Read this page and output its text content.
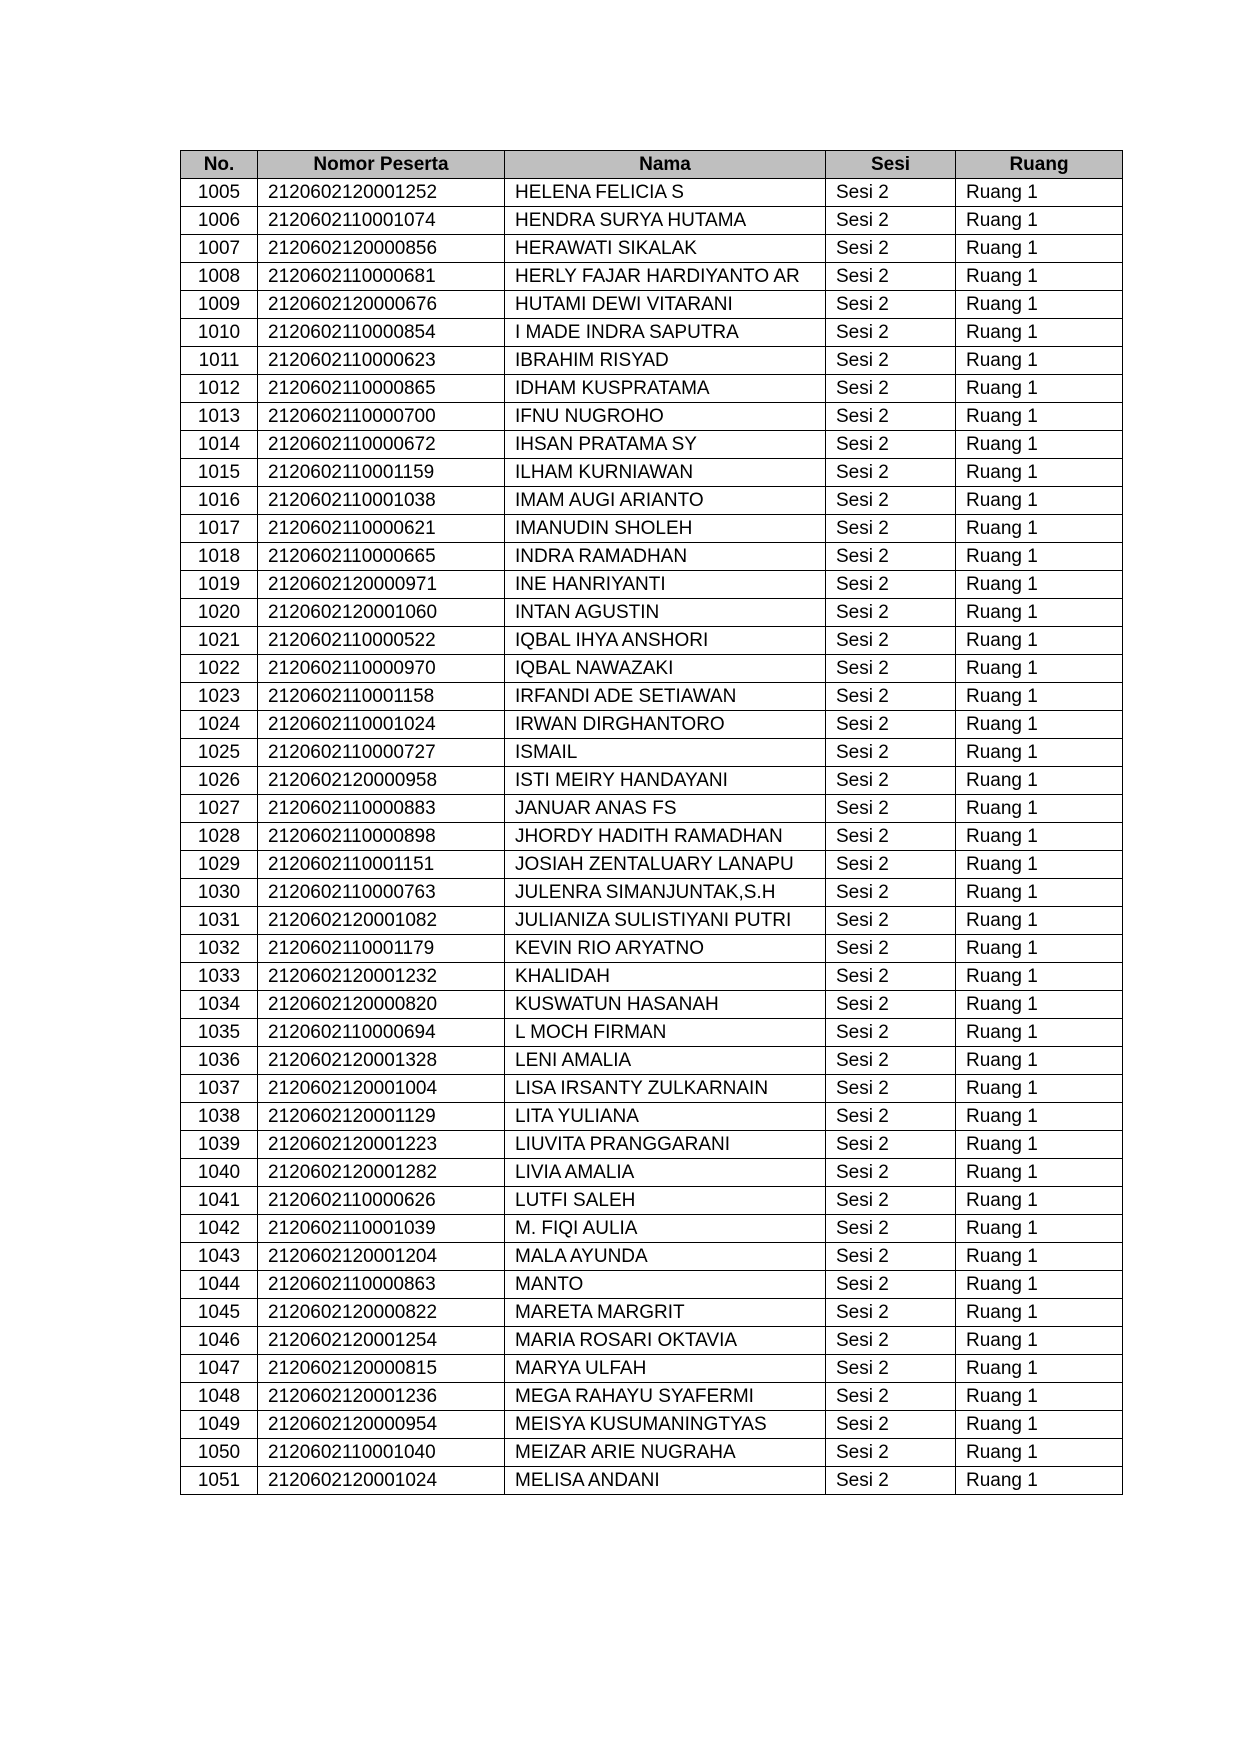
No.	Nomor Peserta	Nama	Sesi	Ruang
1005	2120602120001252	HELENA FELICIA S	Sesi 2	Ruang 1
1006	2120602110001074	HENDRA SURYA HUTAMA	Sesi 2	Ruang 1
1007	2120602120000856	HERAWATI SIKALAK	Sesi 2	Ruang 1
1008	2120602110000681	HERLY FAJAR HARDIYANTO AR	Sesi 2	Ruang 1
1009	2120602120000676	HUTAMI DEWI VITARANI	Sesi 2	Ruang 1
1010	2120602110000854	I MADE INDRA SAPUTRA	Sesi 2	Ruang 1
1011	2120602110000623	IBRAHIM RISYAD	Sesi 2	Ruang 1
1012	2120602110000865	IDHAM KUSPRATAMA	Sesi 2	Ruang 1
1013	2120602110000700	IFNU NUGROHO	Sesi 2	Ruang 1
1014	2120602110000672	IHSAN PRATAMA SY	Sesi 2	Ruang 1
1015	2120602110001159	ILHAM KURNIAWAN	Sesi 2	Ruang 1
1016	2120602110001038	IMAM AUGI ARIANTO	Sesi 2	Ruang 1
1017	2120602110000621	IMANUDIN SHOLEH	Sesi 2	Ruang 1
1018	2120602110000665	INDRA RAMADHAN	Sesi 2	Ruang 1
1019	2120602120000971	INE HANRIYANTI	Sesi 2	Ruang 1
1020	2120602120001060	INTAN AGUSTIN	Sesi 2	Ruang 1
1021	2120602110000522	IQBAL IHYA ANSHORI	Sesi 2	Ruang 1
1022	2120602110000970	IQBAL NAWAZAKI	Sesi 2	Ruang 1
1023	2120602110001158	IRFANDI ADE SETIAWAN	Sesi 2	Ruang 1
1024	2120602110001024	IRWAN DIRGHANTORO	Sesi 2	Ruang 1
1025	2120602110000727	ISMAIL	Sesi 2	Ruang 1
1026	2120602120000958	ISTI MEIRY HANDAYANI	Sesi 2	Ruang 1
1027	2120602110000883	JANUAR ANAS FS	Sesi 2	Ruang 1
1028	2120602110000898	JHORDY HADITH RAMADHAN	Sesi 2	Ruang 1
1029	2120602110001151	JOSIAH ZENTALUARY LANAPU	Sesi 2	Ruang 1
1030	2120602110000763	JULENRA SIMANJUNTAK,S.H	Sesi 2	Ruang 1
1031	2120602120001082	JULIANIZA SULISTIYANI PUTRI	Sesi 2	Ruang 1
1032	2120602110001179	KEVIN RIO ARYATNO	Sesi 2	Ruang 1
1033	2120602120001232	KHALIDAH	Sesi 2	Ruang 1
1034	2120602120000820	KUSWATUN HASANAH	Sesi 2	Ruang 1
1035	2120602110000694	L MOCH FIRMAN	Sesi 2	Ruang 1
1036	2120602120001328	LENI AMALIA	Sesi 2	Ruang 1
1037	2120602120001004	LISA IRSANTY ZULKARNAIN	Sesi 2	Ruang 1
1038	2120602120001129	LITA YULIANA	Sesi 2	Ruang 1
1039	2120602120001223	LIUVITA PRANGGARANI	Sesi 2	Ruang 1
1040	2120602120001282	LIVIA AMALIA	Sesi 2	Ruang 1
1041	2120602110000626	LUTFI SALEH	Sesi 2	Ruang 1
1042	2120602110001039	M. FIQI AULIA	Sesi 2	Ruang 1
1043	2120602120001204	MALA AYUNDA	Sesi 2	Ruang 1
1044	2120602110000863	MANTO	Sesi 2	Ruang 1
1045	2120602120000822	MARETA MARGRIT	Sesi 2	Ruang 1
1046	2120602120001254	MARIA ROSARI OKTAVIA	Sesi 2	Ruang 1
1047	2120602120000815	MARYA ULFAH	Sesi 2	Ruang 1
1048	2120602120001236	MEGA RAHAYU SYAFERMI	Sesi 2	Ruang 1
1049	2120602120000954	MEISYA KUSUMANINGTYAS	Sesi 2	Ruang 1
1050	2120602110001040	MEIZAR ARIE NUGRAHA	Sesi 2	Ruang 1
1051	2120602120001024	MELISA ANDANI	Sesi 2	Ruang 1
